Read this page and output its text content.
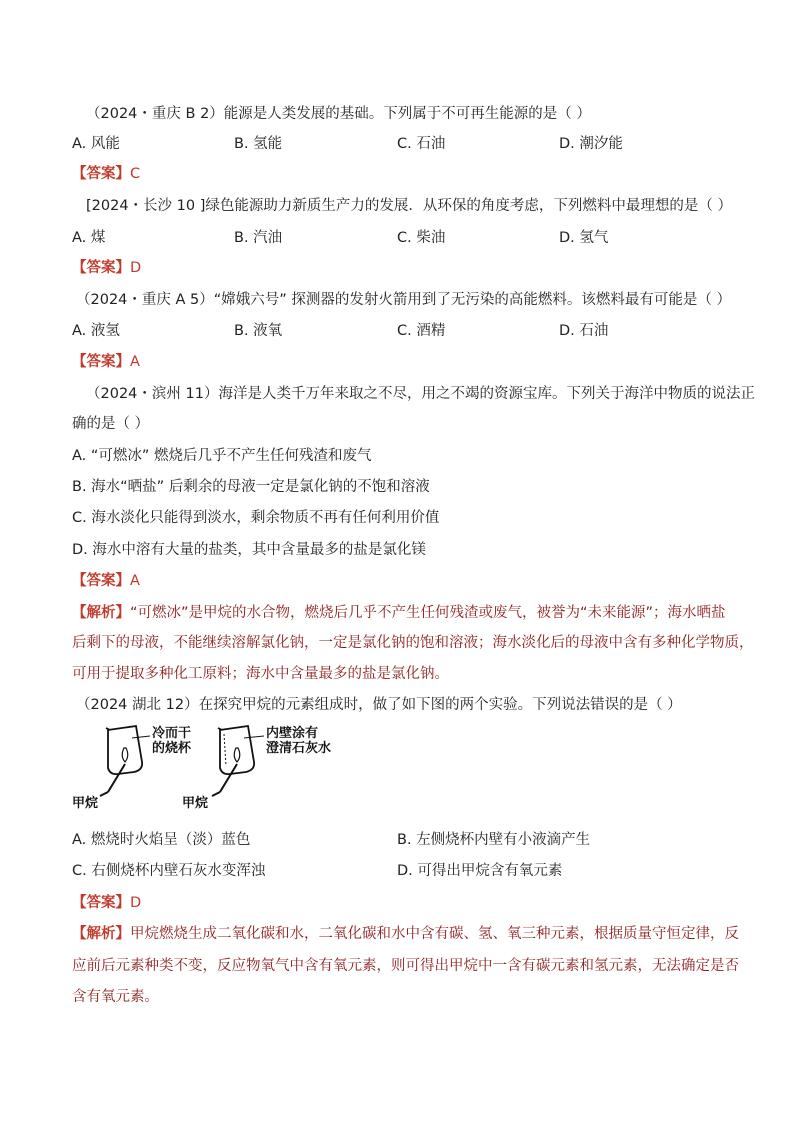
（2024・重庆 B 2）能源是人类发展的基础。下列属于不可再生能源的是（ ）
A. 风能	B. 氢能	C. 石油	D. 潮汐能
【答案】C
[2024・长沙 10 ]绿色能源助力新质生产力的发展．从环保的角度考虑，下列燃料中最理想的是（ ）
A. 煤	B. 汽油	C. 柴油	D. 氢气
【答案】D
（2024・重庆 A 5）“嫦娥六号” 探测器的发射火箭用到了无污染的高能燃料。该燃料最有可能是（ ）
A. 液氢	B. 液氧	C. 酒精	D. 石油
【答案】A
（2024・滨州 11）海洋是人类千万年来取之不尽，用之不竭的资源宝库。下列关于海洋中物质的说法正
确的是（ ）
A. “可燃冰” 燃烧后几乎不产生任何残渣和废气
B. 海水“晒盐” 后剩余的母液一定是氯化钠的不饱和溶液
C. 海水淡化只能得到淡水，剩余物质不再有任何利用价值
D. 海水中溶有大量的盐类，其中含量最多的盐是氯化镁
【答案】A
【解析】“可燃冰”是甲烷的水合物，燃烧后几乎不产生任何残渣或废气，被誉为“未来能源”；海水晒盐
后剩下的母液，不能继续溶解氯化钠，一定是氯化钠的饱和溶液；海水淡化后的母液中含有多种化学物质，
可用于提取多种化工原料；海水中含量最多的盐是氯化钠。
（2024 湖北 12）在探究甲烷的元素组成时，做了如下图的两个实验。下列说法错误的是（ ）
冷而干
的烧杯
内壁涂有
澄清石灰水
甲烷	甲烷
A. 燃烧时火焰呈（淡）蓝色	B. 左侧烧杯内壁有小液滴产生
C. 右侧烧杯内壁石灰水变浑浊	D. 可得出甲烷含有氧元素
【答案】D
【解析】甲烷燃烧生成二氧化碳和水，二氧化碳和水中含有碳、氢、氧三种元素，根据质量守恒定律，反
应前后元素种类不变，反应物氧气中含有氧元素，则可得出甲烷中一含有碳元素和氢元素，无法确定是否
含有氧元素。
